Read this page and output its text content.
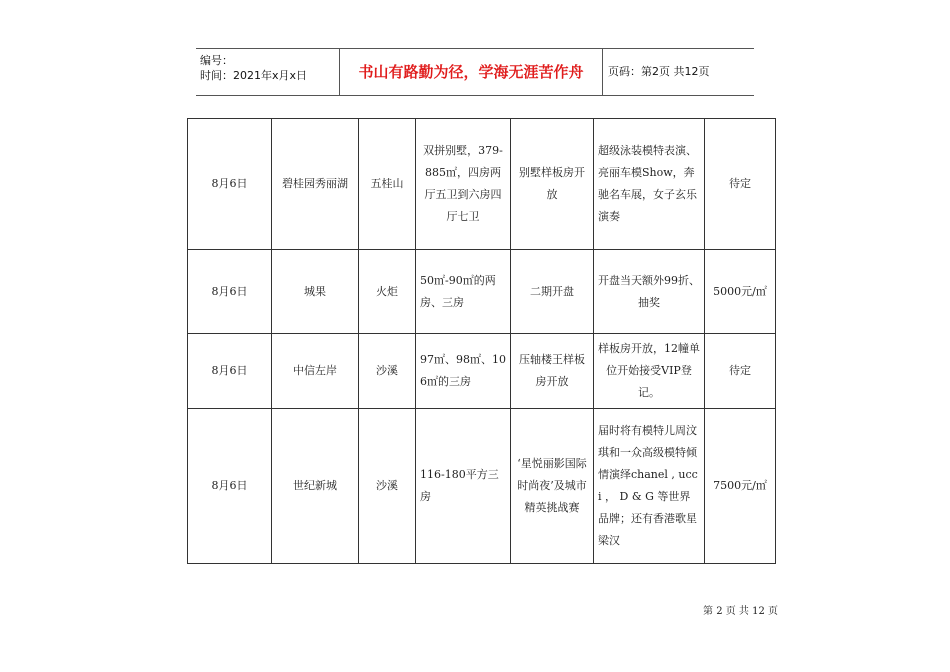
编号：
时间：2021年x月x日	书山有路勤为径，学海无涯苦作舟	页码：第2页 共12页
8月6日	碧桂园秀丽湖	五桂山	双拼别墅，379-885㎡，四房两厅五卫到六房四厅七卫	别墅样板房开放	超级泳装模特表演、亮丽车模Show，奔驰名车展，女子玄乐演奏	待定
8月6日	城果	火炬	50㎡-90㎡的两房、三房	二期开盘	开盘当天额外99折、抽奖	5000元/㎡
8月6日	中信左岸	沙溪	97㎡、98㎡、106㎡的三房	压轴楼王样板房开放	样板房开放，12幢单位开始接受VIP登记。	待定
8月6日	世纪新城	沙溪	116-180平方三房	‘星悦丽影国际时尚夜’及城市精英挑战赛	届时将有模特儿周汶琪和一众高级模特倾情演绎chanel , ucci ， D & G 等世界品牌；还有香港歌星梁汉	7500元/㎡
第 2 页 共 12 页
